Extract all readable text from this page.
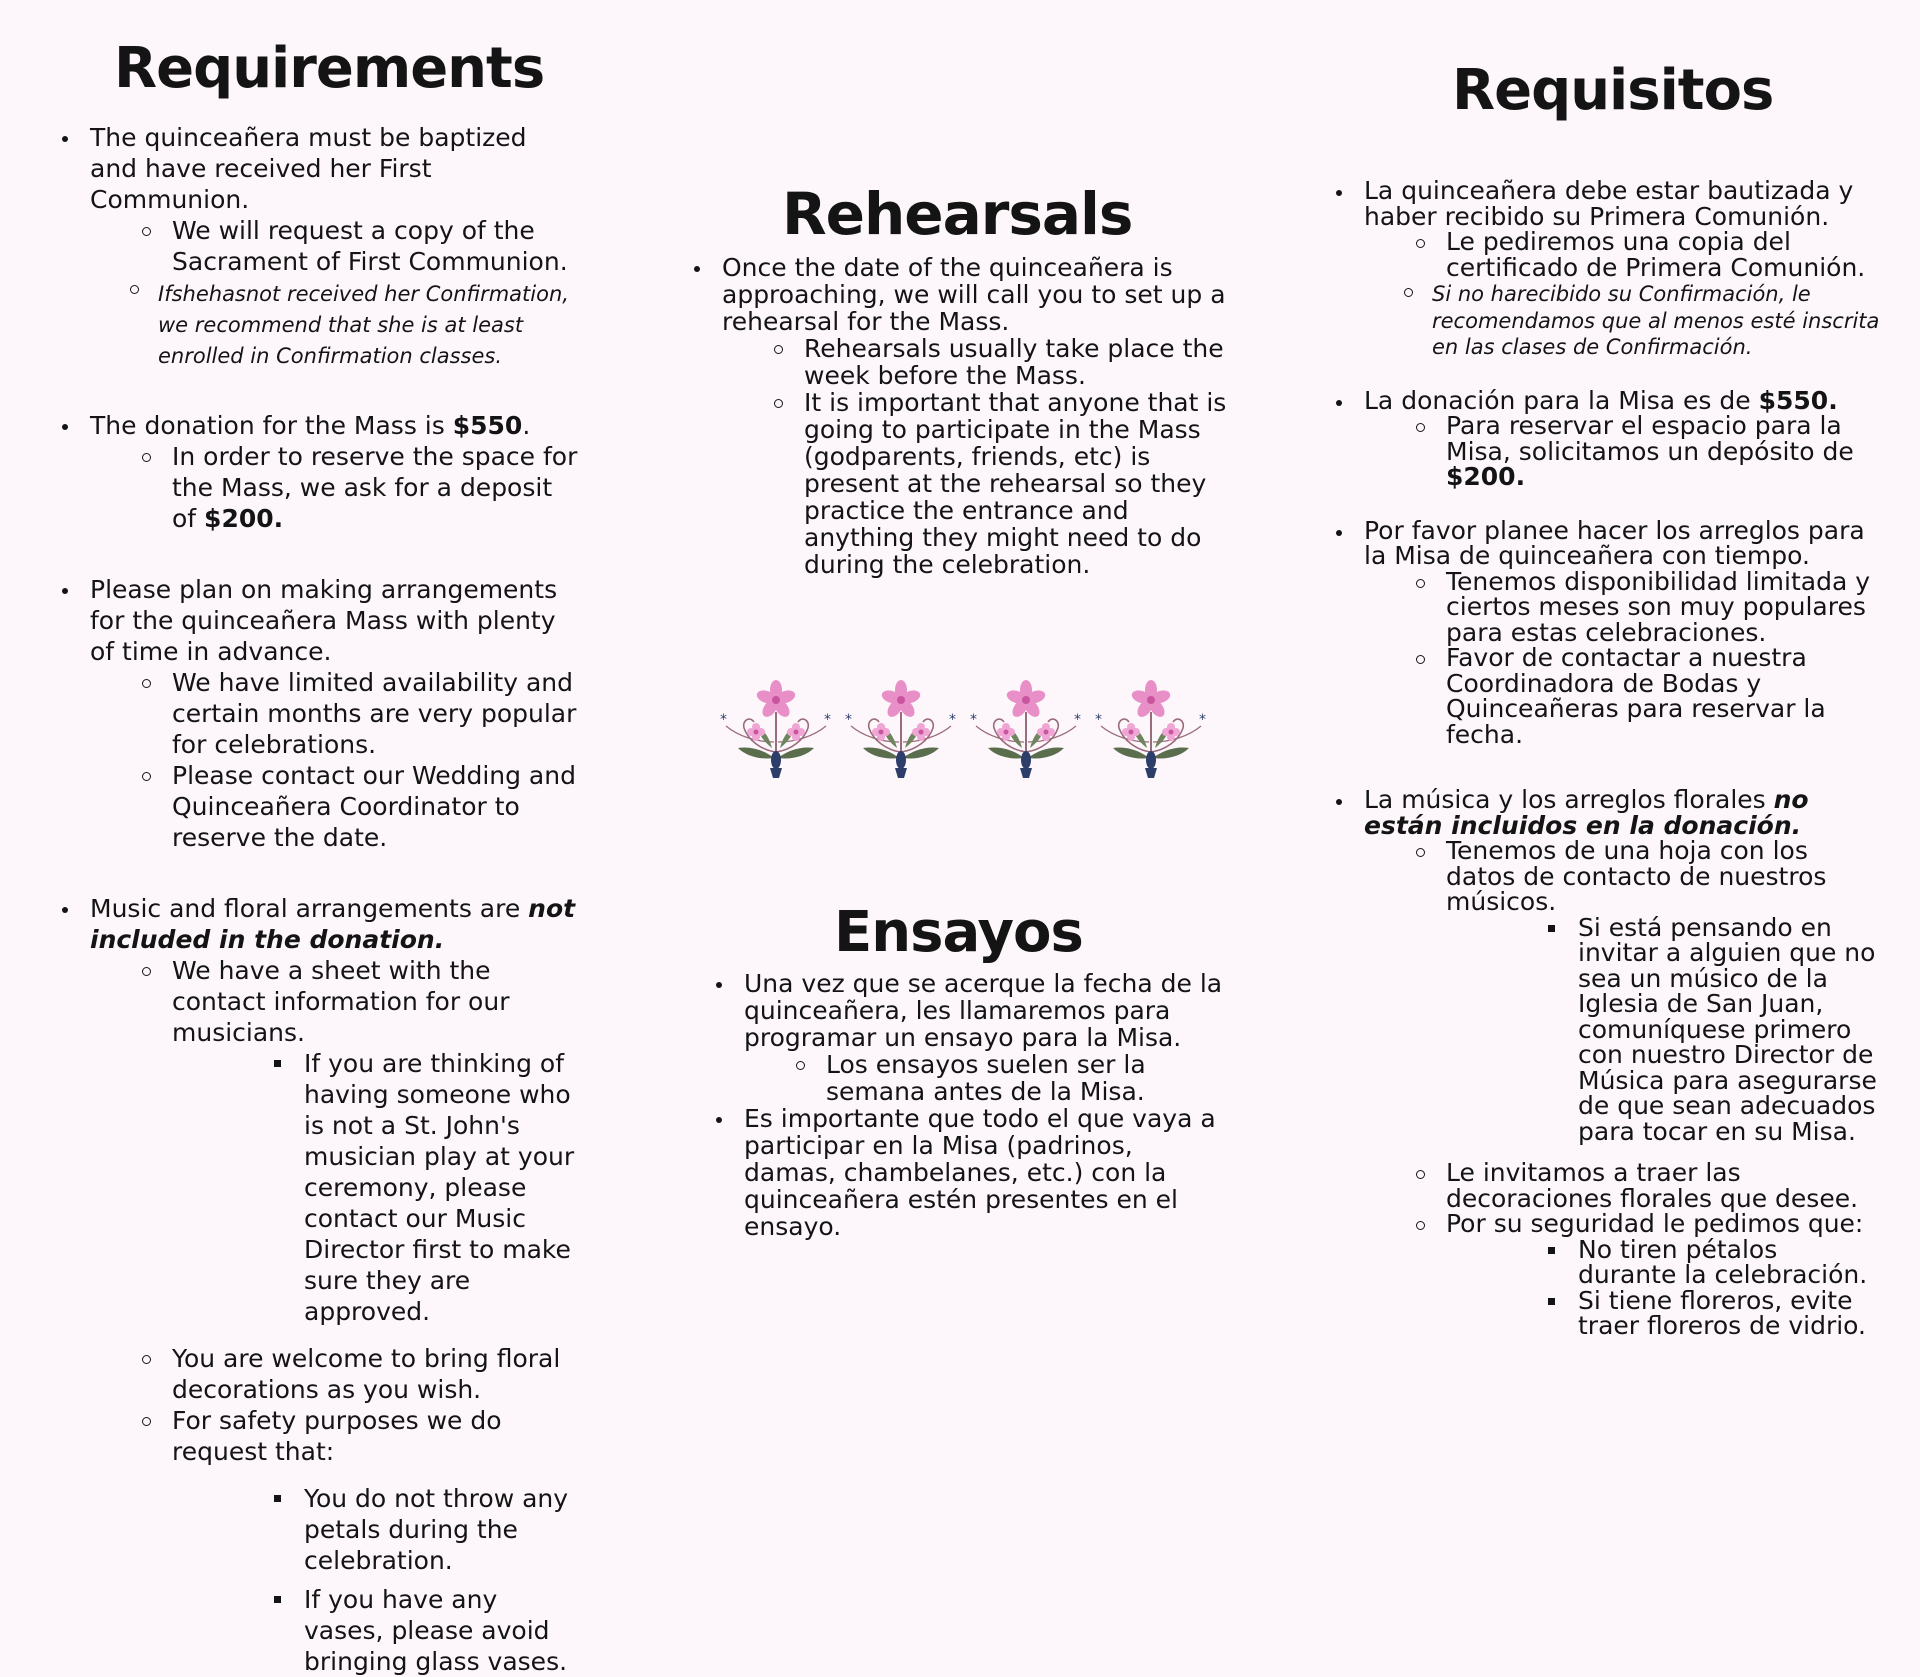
Requirements
The quinceañera must be baptized and have received her First Communion.
We will request a copy of the Sacrament of First Communion.
Ifshehasnot received her Confirmation, we recommend that she is at least enrolled in Confirmation classes.
The donation for the Mass is $550.
In order to reserve the space for the Mass, we ask for a deposit of $200.
Please plan on making arrangements for the quinceañera Mass with plenty of time in advance.
We have limited availability and certain months are very popular for celebrations.
Please contact our Wedding and Quinceañera Coordinator to reserve the date.
Music and floral arrangements are not included in the donation.
We have a sheet with the contact information for our musicians.
If you are thinking of having someone who is not a St. John's musician play at your ceremony, please contact our Music Director first to make sure they are approved.
You are welcome to bring floral decorations as you wish.
For safety purposes we do request that:
You do not throw any petals during the celebration.
If you have any vases, please avoid bringing glass vases.
Rehearsals
Once the date of the quinceañera is approaching, we will call you to set up a rehearsal for the Mass.
Rehearsals usually take place the week before the Mass.
It is important that anyone that is going to participate in the Mass (godparents, friends, etc) is present at the rehearsal so they practice the entrance and anything they might need to do during the celebration.
Ensayos
Una vez que se acerque la fecha de la quinceañera, les llamaremos para programar un ensayo para la Misa.
Los ensayos suelen ser la semana antes de la Misa.
Es importante que todo el que vaya a participar en la Misa (padrinos, damas, chambelanes, etc.) con la quinceañera estén presentes en el ensayo.
Requisitos
La quinceañera debe estar bautizada y haber recibido su Primera Comunión.
Le pediremos una copia del certificado de Primera Comunión.
Si no harecibido su Confirmación, le recomendamos que al menos esté inscrita en las clases de Confirmación.
La donación para la Misa es de $550.
Para reservar el espacio para la Misa, solicitamos un depósito de $200.
Por favor planee hacer los arreglos para la Misa de quinceañera con tiempo.
Tenemos disponibilidad limitada y ciertos meses son muy populares para estas celebraciones.
Favor de contactar a nuestra Coordinadora de Bodas y Quinceañeras para reservar la fecha.
La música y los arreglos florales no están incluidos en la donación.
Tenemos de una hoja con los datos de contacto de nuestros músicos.
Si está pensando en invitar a alguien que no sea un músico de la Iglesia de San Juan, comuníquese primero con nuestro Director de Música para asegurarse de que sean adecuados para tocar en su Misa.
Le invitamos a traer las decoraciones florales que desee.
Por su seguridad le pedimos que:
No tiren pétalos durante la celebración.
Si tiene floreros, evite traer floreros de vidrio.
